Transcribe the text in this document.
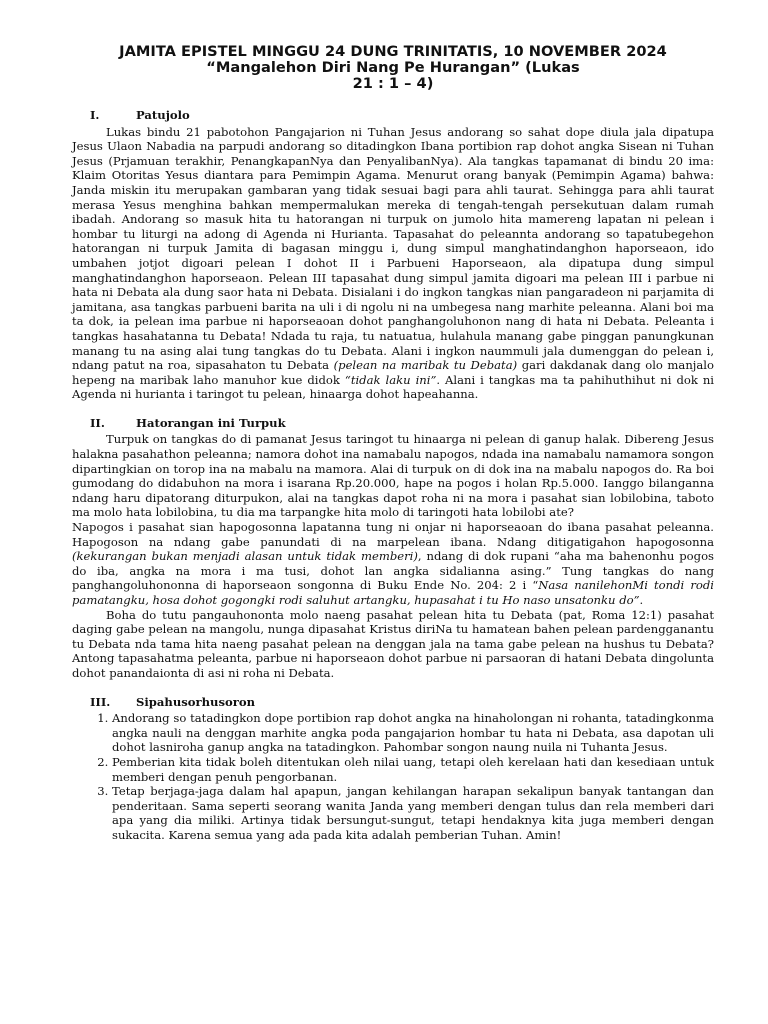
JAMITA EPISTEL MINGGU 24 DUNG TRINITATIS, 10 NOVEMBER 2024
“Mangalehon Diri Nang Pe Hurangan” (Lukas
21 : 1 – 4)
I.	Patujolo

Lukas bindu 21 pabotohon Pangajarion ni Tuhan Jesus andorang so sahat dope diula jala dipatupa Jesus Ulaon Nabadia na parpudi andorang so ditadingkon Ibana portibion rap dohot angka Sisean ni Tuhan Jesus (Prjamuan terakhir, PenangkapanNya dan PenyalibanNya). Ala tangkas tapamanat di bindu 20 ima: Klaim Otoritas Yesus diantara para Pemimpin Agama. Menurut orang banyak (Pemimpin Agama) bahwa: Janda miskin itu merupakan gambaran yang tidak sesuai bagi para ahli taurat. Sehingga para ahli taurat merasa Yesus menghina bahkan mempermalukan mereka di tengah-tengah persekutuan dalam rumah ibadah. Andorang so masuk hita tu hatorangan ni turpuk on jumolo hita mamereng lapatan ni pelean i hombar tu liturgi na adong di Agenda ni Hurianta. Tapasahat do peleannta andorang so tapatubegehon hatorangan ni turpuk Jamita di bagasan minggu i, dung simpul manghatindanghon haporseaon, ido umbahen jotjot digoari pelean I dohot II i Parbueni Haporseaon, ala dipatupa dung simpul manghatindanghon haporseaon. Pelean III tapasahat dung simpul jamita digoari ma pelean III i parbue ni hata ni Debata ala dung saor hata ni Debata. Disialani i do ingkon tangkas nian pangaradeon ni parjamita di jamitana, asa tangkas parbueni barita na uli i di ngolu ni na umbegesa nang marhite peleanna. Alani boi ma ta dok, ia pelean ima parbue ni haporseaoan dohot panghangoluhonon nang di hata ni Debata. Peleanta i tangkas hasahatanna tu Debata! Ndada tu raja, tu natuatua, hulahula manang gabe pinggan panungkunan manang tu na asing alai tung tangkas do tu Debata. Alani i ingkon naummuli jala dumenggan do pelean i, ndang patut na roa, sipasahaton tu Debata (pelean na maribak tu Debata) gari dakdanak dang olo manjalo hepeng na maribak laho manuhor kue didok “tidak laku ini”. Alani i tangkas ma ta pahihuthihut ni dok ni Agenda ni hurianta i taringot tu pelean, hinaarga dohot hapeahanna.

II.	Hatorangan ini Turpuk

Turpuk on tangkas do di pamanat Jesus taringot tu hinaarga ni pelean di ganup halak. Dibereng Jesus halakna pasahathon peleanna; namora dohot ina namabalu napogos, ndada ina namabalu namamora songon dipartingkian on torop ina na mabalu na mamora. Alai di turpuk on di dok ina na mabalu napogos do. Ra boi gumodang do didabuhon na mora i isarana Rp.20.000, hape na pogos i holan Rp.5.000. Ianggo bilanganna ndang haru dipatorang diturpukon, alai na tangkas dapot roha ni na mora i pasahat sian lobilobina, taboto ma molo hata lobilobina, tu dia ma tarpangke hita molo di taringoti hata lobilobi ate?

Napogos i pasahat sian hapogosonna lapatanna tung ni onjar ni haporseaoan do ibana pasahat peleanna. Hapogoson na ndang gabe panundati di na marpelean ibana. Ndang ditigatigahon hapogosonna (kekurangan bukan menjadi alasan untuk tidak memberi), ndang di dok rupani “aha ma bahenonhu pogos do iba, angka na mora i ma tusi, dohot lan angka sidalianna asing.” Tung tangkas do nang panghangoluhononna di haporseaon songonna di Buku Ende No. 204: 2 i “Nasa nanilehonMi tondi rodi pamatangku, hosa dohot gogongki rodi saluhut artangku, hupasahat i tu Ho naso unsatonku do”.

Boha do tutu pangauhononta molo naeng pasahat pelean hita tu Debata (pat, Roma 12:1) pasahat daging gabe pelean na mangolu, nunga dipasahat Kristus diriNa tu hamatean bahen pelean pardengganantu tu Debata nda tama hita naeng pasahat pelean na denggan jala na tama gabe pelean na hushus tu Debata? Antong tapasahatma peleanta, parbue ni haporseaon dohot parbue ni parsaoran di hatani Debata dingolunta dohot panandaionta di asi ni roha ni Debata.

III.	Sipahusorhusoron
1. Andorang so tatadingkon dope portibion rap dohot angka na hinaholongan ni rohanta, tatadingkonma angka nauli na denggan marhite angka poda pangajarion hombar tu hata ni Debata, asa dapotan uli dohot lasniroha ganup angka na tatadingkon. Pahombar songon naung nuila ni Tuhanta Jesus.
2. Pemberian kita tidak boleh ditentukan oleh nilai uang, tetapi oleh kerelaan hati dan kesediaan untuk memberi dengan penuh pengorbanan.
3. Tetap berjaga-jaga dalam hal apapun, jangan kehilangan harapan sekalipun banyak tantangan dan penderitaan. Sama seperti seorang wanita Janda yang memberi dengan tulus dan rela memberi dari apa yang dia miliki. Artinya tidak bersungut-sungut, tetapi hendaknya kita juga memberi dengan sukacita. Karena semua yang ada pada kita adalah pemberian Tuhan. Amin!
